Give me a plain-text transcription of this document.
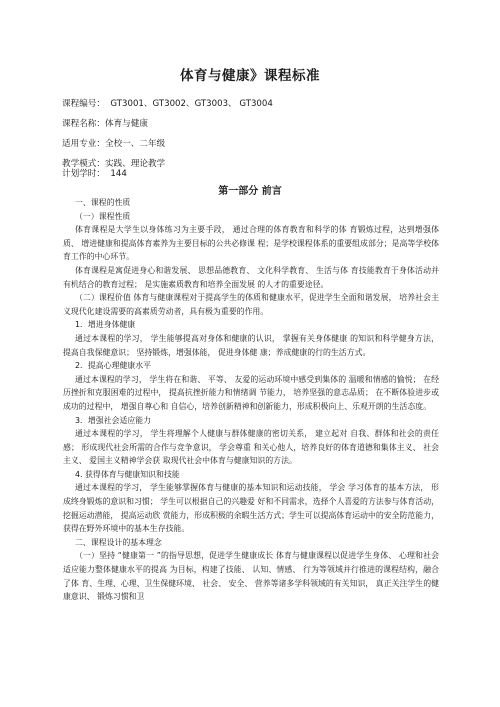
体育与健康》课程标准
课程编号：  GT3001、GT3002、GT3003、 GT3004
课程名称：体育与健康
适用专业：全校一、二年级
教学模式：实践、理论教学
计划学时：  144
第一部分 前言

一、课程的性质

（一）课程性质

体育课程是大学生以身体练习为主要手段， 通过合理的体育教育和科学的体 育锻炼过程，达到增强体质、 增进健康和提高体育素养为主要目标的公共必修课 程；是学校课程体系的重要组成部分；是高等学校体育工作的中心环节。

体育课程是寓促进身心和谐发展、 思想品德教育、 文化科学教育、 生活与体 育技能教育于身体活动并有机结合的教育过程； 是实施素质教育和培养全面发展 的人才的重要途径。

（二）课程价值 体育与健康课程对于提高学生的体质和健康水平，促进学生全面和谐发展， 培养社会主义现代化建设需要的高素质劳动者，具有极为重要的作用。

1．增进身体健康

通过本课程的学习， 学生能够提高对身体和健康的认识， 掌握有关身体健康 的知识和科学健身方法， 提高自我保健意识； 坚持锻炼，增强体能， 促进身体健 康；养成健康的行的生活方式。

2．提高心理健康水平

通过本课程的学习， 学生将在和谐、 平等、 友爱的运动环境中感受到集体的 温暖和情感的愉悦； 在经历挫折和克服困难的过程中， 提高抗挫折能力和情绪调 节能力， 培养坚强的意志品质； 在不断体验进步或成功的过程中， 增强自尊心和 自信心，培养创新精神和创新能力，形成积极向上、乐观开朗的生活态度。

3．增强社会适应能力

通过本课程的学习， 学生将理解个人健康与群体健康的密切关系， 建立起对 自我、群体和社会的责任感； 形成现代社会所需的合作与竞争意识， 学会尊重 和关心他人，培养良好的体育道德和集体主义、 社会主义、 爱国主义精神学会获 取现代社会中体育与健康知识的方法。

4. 获得体育与健康知识和技能

通过本课程的学习， 学生能够掌握体育与健康的基本知识和运动技能， 学会 学习体育的基本方法， 形成终身锻炼的意识和习惯； 学生可以根据自己的兴趣爱 好和不同需求，选择个人喜爱的方法参与体育活动， 挖掘运动潜能， 提高运动欣 赏能力，形成积极的余暇生活方式；学生可以提高体育运动中的安全防范能力， 获得在野外环境中的基本生存技能。

二、课程设计的基本理念

（一）坚持 “健康第一 ”的指导思想，促进学生健康成长 体育与健康课程以促进学生身体、 心理和社会适应能力整体健康水平的提高 为目标，构建了技能、 认知、情感、 行为等领域并行推进的课程结构，融合了体 育、生理、心理、卫生保健环境、 社会、 安全、 营养等诸多学科领域的有关知识， 真正关注学生的健康意识、 锻炼习惯和卫
